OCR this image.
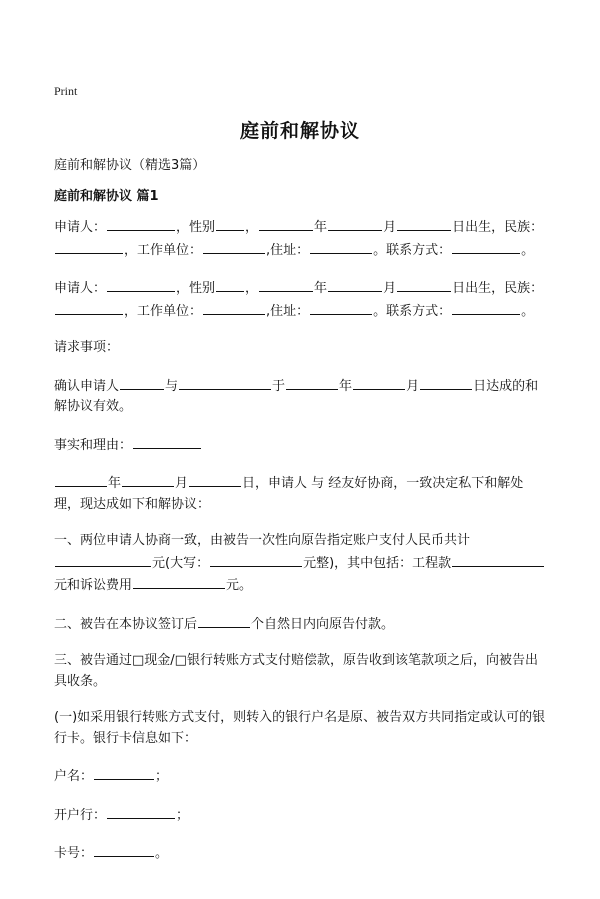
Print
庭前和解协议
庭前和解协议（精选3篇）
庭前和解协议 篇1

申请人：	，性别 ，	年	月	日出生，民族：，工作单位：	,住址：	。联系方式：	。

申请人：	，性别 ，	年	月	日出生，民族：，工作单位：	,住址：	。联系方式：	。

请求事项：

确认申请人	与	于	年	月	日达成的和解协议有效。

事实和理由：

年	月	日，申请人 与 经友好协商，一致决定私下和解处理，现达成如下和解协议：

一、两位申请人协商一致，由被告一次性向原告指定账户支付人民币共计元(大写：	元整)，其中包括：工程款元和诉讼费用	元。

二、被告在本协议签订后	个自然日内向原告付款。

三、被告通过□现金/□银行转账方式支付赔偿款，原告收到该笔款项之后，向被告出具收条。

(一)如采用银行转账方式支付，则转入的银行户名是原、被告双方共同指定或认可的银行卡。银行卡信息如下：

户名：	；

开户行：	；

卡号：	。
